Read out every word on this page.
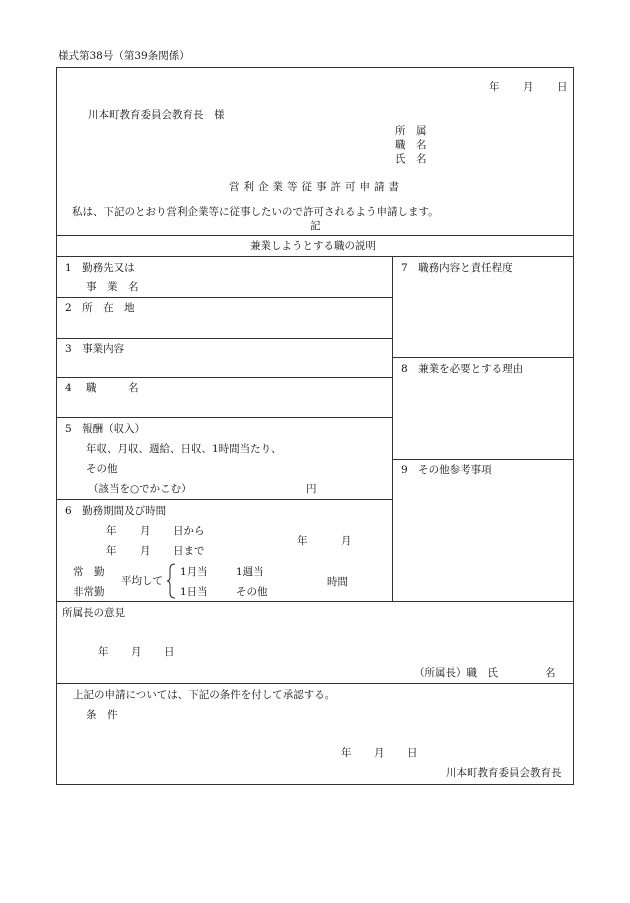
様式第38号（第39条関係）
年 月 日
川本町教育委員会教育長　様
所　属
職　名
氏　名
営利企業等従事許可申請書
私は、下記のとおり営利企業等に従事したいので許可されるよう申請します。
記
兼業しようとする職の説明
1　勤務先又は
事　業　名
2　所　在　地
3　事業内容
4 職　　　名
5　報酬（収入）
年収、月収、週給、日収、1時間当たり、
その他
（該当を○でかこむ）	円
6　勤務期間及び時間
年 月 日から
年 月 日まで
年	月
常　勤
非常勤
平均して
1月当	1週当
1日当	その他
時間
7　職務内容と責任程度
8　兼業を必要とする理由
9　その他参考事項
所属長の意見
年 月 日
（所属長）職　氏	名
上記の申請については、下記の条件を付して承認する。
条　件
年 月 日
川本町教育委員会教育長
